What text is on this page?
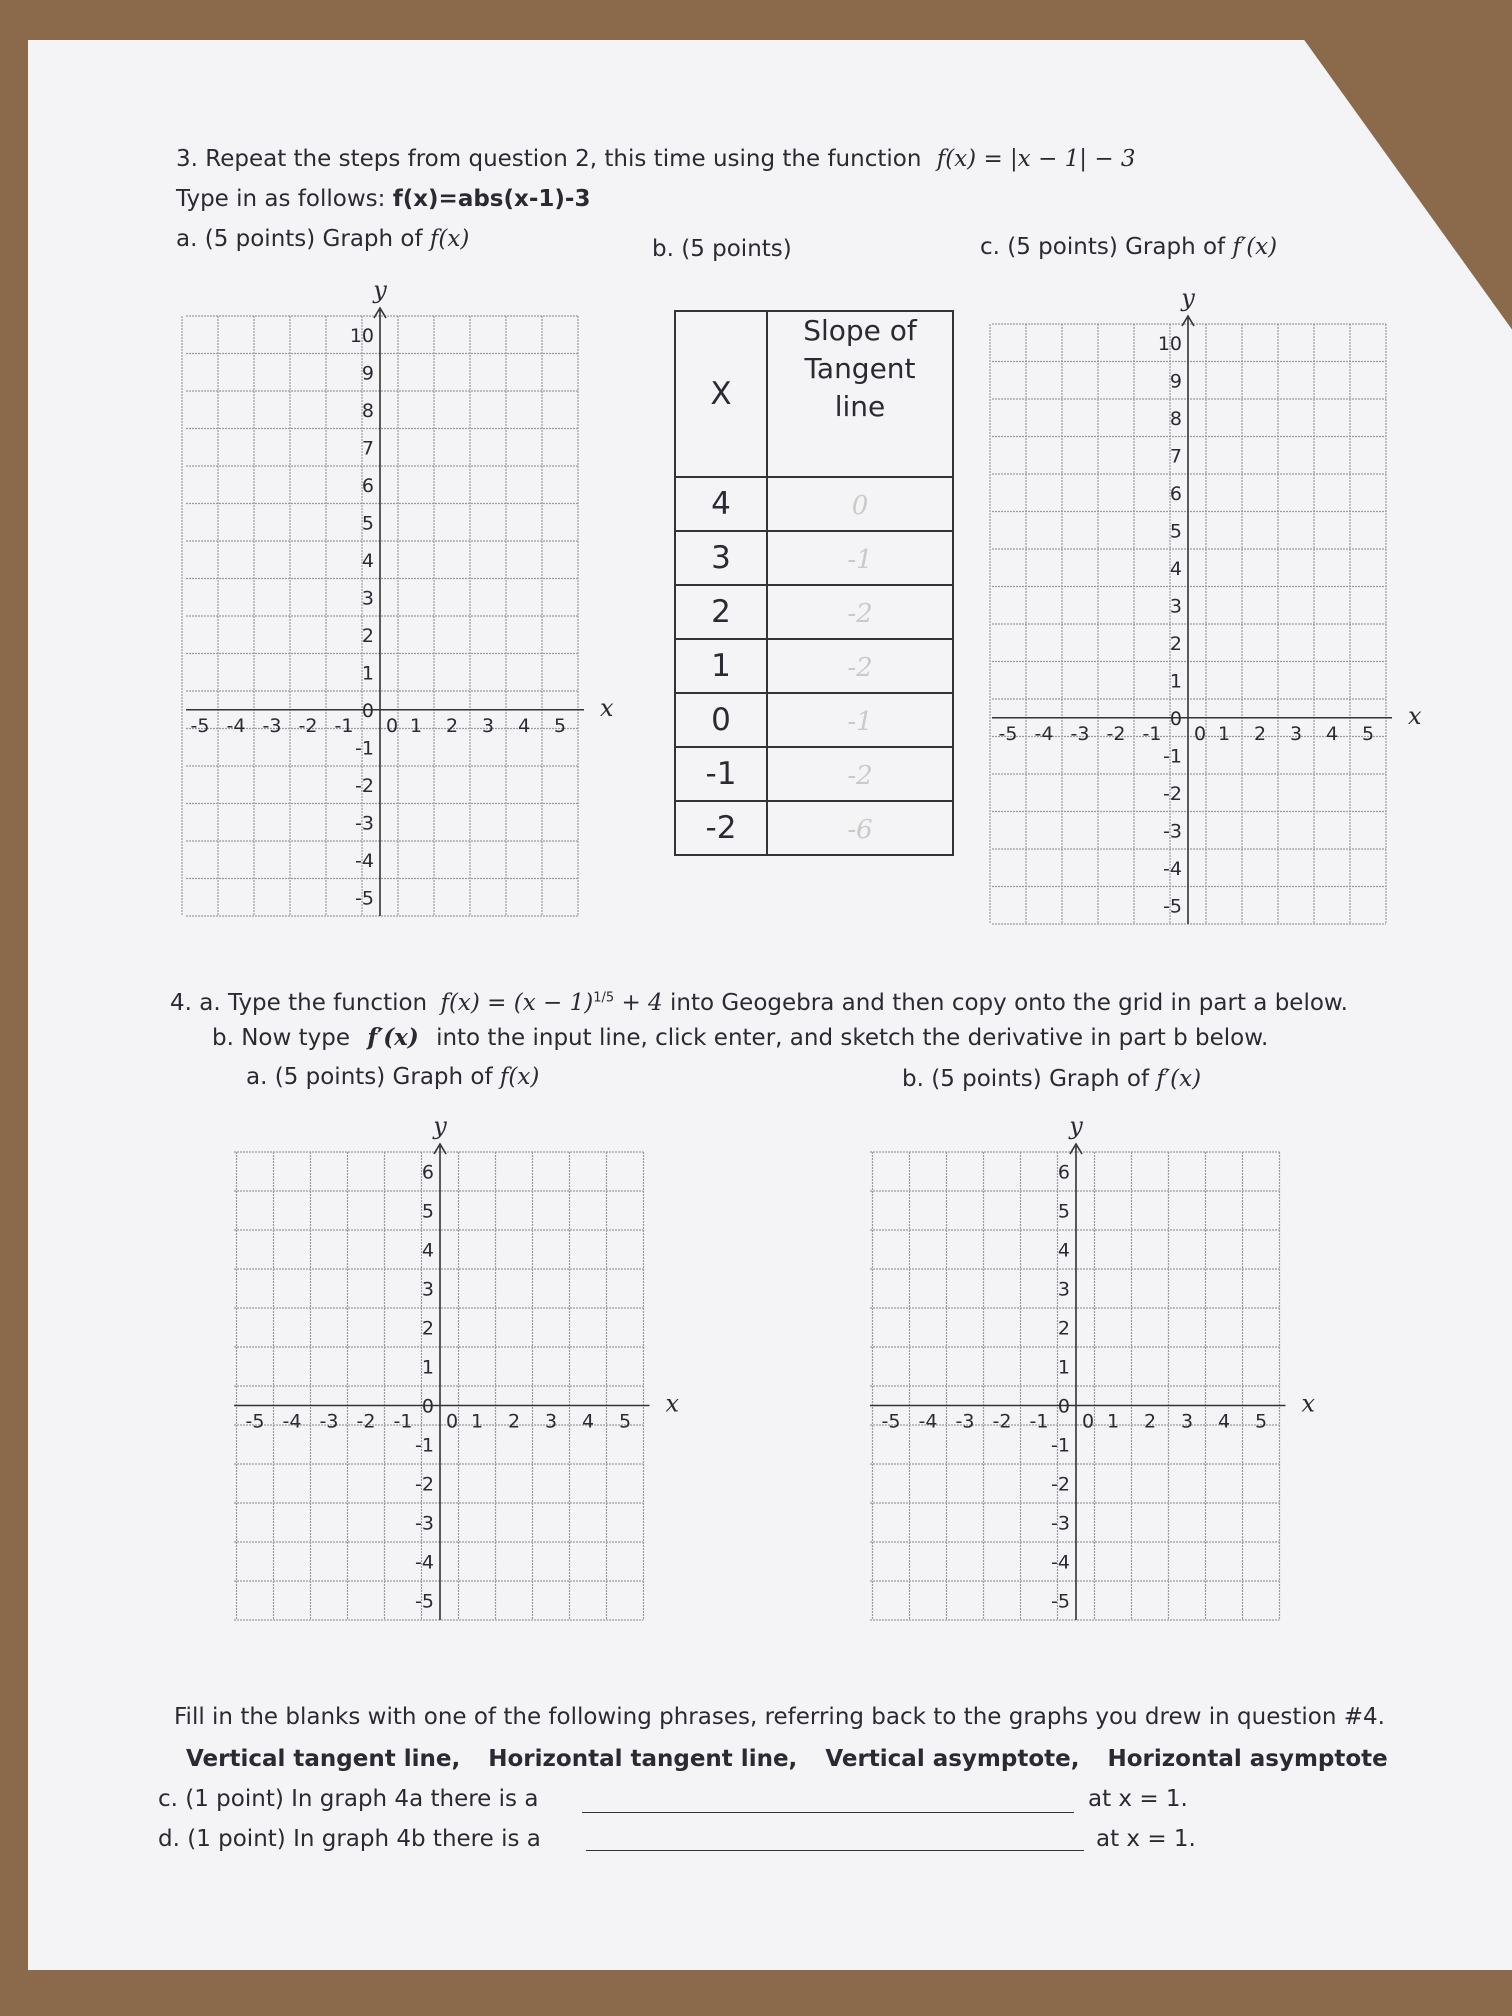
3. Repeat the steps from question 2, this time using the function f(x) = |x − 1| − 3
Type in as follows: f(x)=abs(x-1)-3
a. (5 points) Graph of f(x)	b. (5 points)	c. (5 points) Graph of f′(x)
y
x
10
9
8
7
6
5
4
3
2
1
0
-1
-2
-3
-4
-5
-5 -4 -3 -2 -1	1 2 3 4 5
0
y
x
10
9
8
7
6
5
4
3
2
1
0
-1
-2
-3
-4
-5
-5 -4 -3 -2 -1	1 2 3 4 5
0
X	Slope of Tangent line
4	0
3	-1
2	-2
1	-2
0	-1
-1	-2
-2	-6
4. a. Type the function $f(x) = (x - 1)^{1/5} + 4$ into Geogebra and then copy onto the grid in part a below.
b. Now type f′(x) into the input line, click enter, and sketch the derivative in part b below.
a. (5 points) Graph of f(x)	b. (5 points) Graph of f′(x)
y
x
6
5
4
3
2
1
0
-1
-2
-3
-4
-5
-5 -4 -3 -2 -1	1 2 3 4 5
0
y
x
6
5
4
3
2
1
0
-1
-2
-3
-4
-5
-5 -4 -3 -2 -1	1 2 3 4 5
0
Fill in the blanks with one of the following phrases, referring back to the graphs you drew in question #4.
Vertical tangent line, Horizontal tangent line, Vertical asymptote, Horizontal asymptote
c. (1 point) In graph 4a there is a	at x = 1.
d. (1 point) In graph 4b there is a	at x = 1.
